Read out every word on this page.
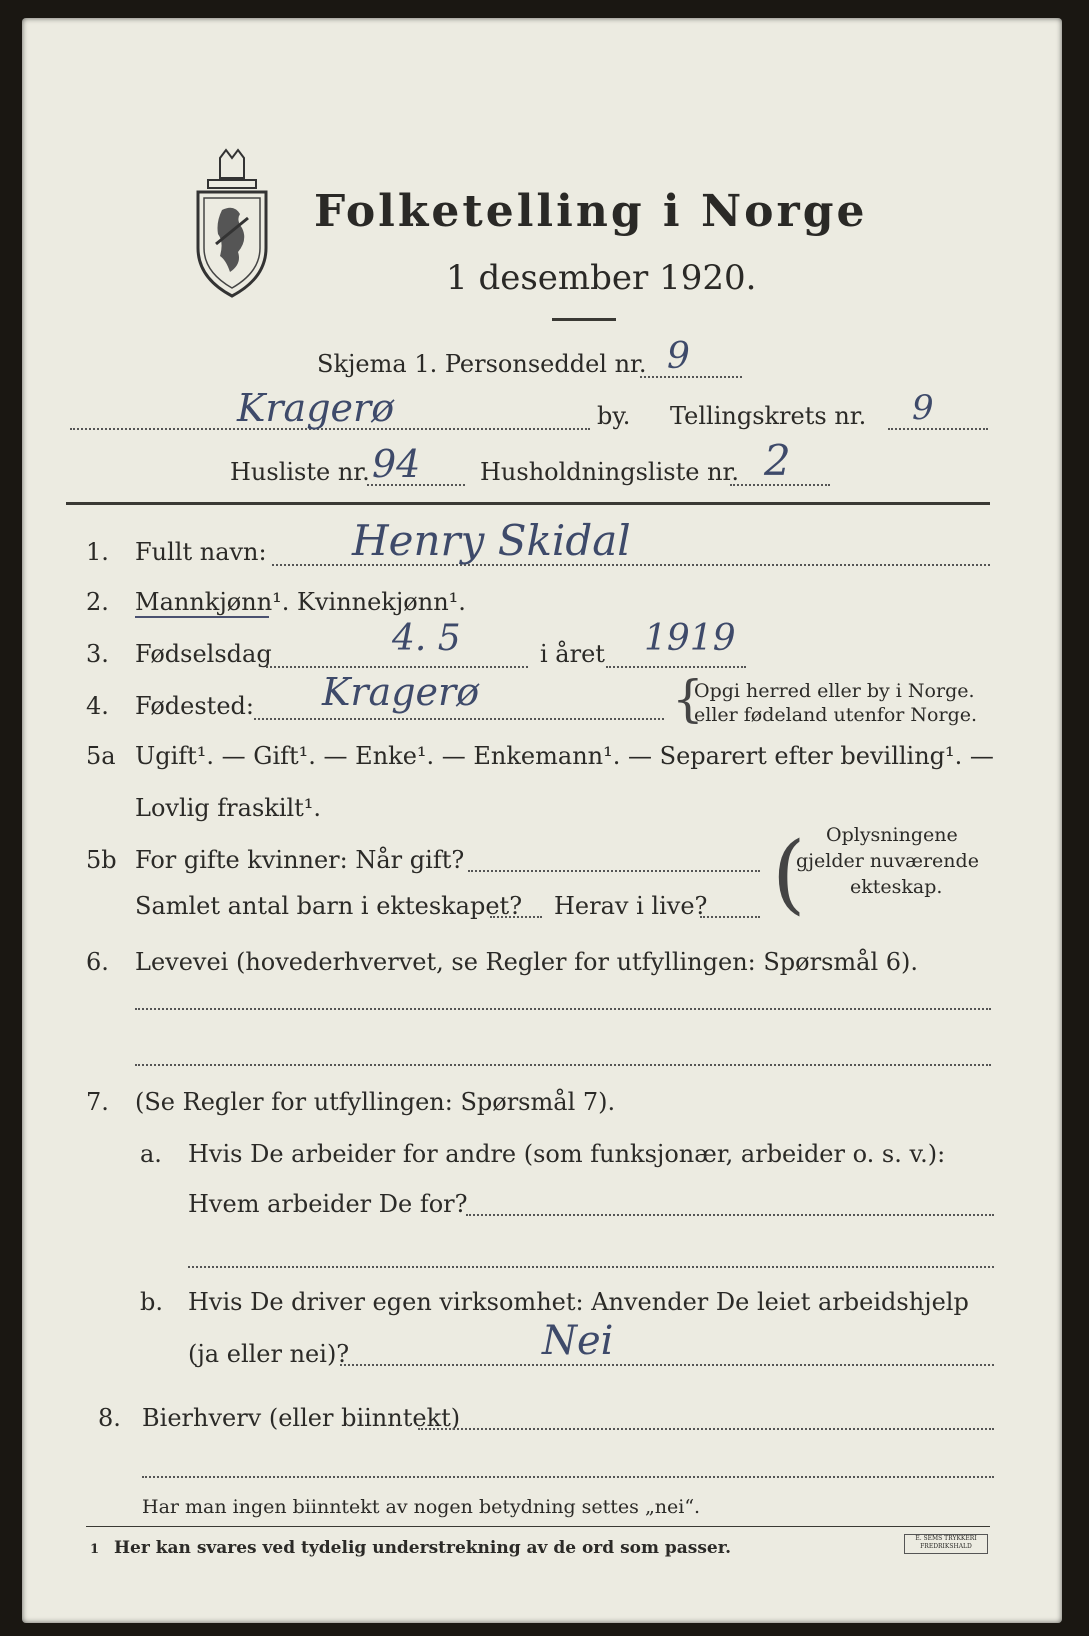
Folketelling i Norge
1 desember 1920.
Skjema 1. Personseddel nr. 9
Kragerø	by. Tellingskrets nr. 9
Husliste nr. 94 Husholdningsliste nr. 2
1. Fullt navn: Henry Skidal
2. Mannkjønn¹. Kvinnekjønn¹.
3. Fødselsdag	4. 5	i året 1919
4. Fødested: Kragerø	{
Opgi herred eller by i Norge.
eller fødeland utenfor Norge.
5a Ugift¹. — Gift¹. — Enke¹. — Enkemann¹. — Separert efter bevilling¹. —
Lovlig fraskilt¹.
5b For gifte kvinner: Når gift?
Samlet antal barn i ekteskapet? Herav i live? ( Oplysningene
gjelder nuværende
ekteskap.
6. Levevei (hovederhvervet, se Regler for utfyllingen: Spørsmål 6).
7. (Se Regler for utfyllingen: Spørsmål 7).
a. Hvis De arbeider for andre (som funksjonær, arbeider o. s. v.):
Hvem arbeider De for?
b. Hvis De driver egen virksomhet: Anvender De leiet arbeidshjelp
(ja eller nei)?	Nei
8. Bierhverv (eller biinntekt)
Har man ingen biinntekt av nogen betydning settes „nei“.
1 Her kan svares ved tydelig understrekning av de ord som passer.	E. SEMS TRYKKERI FREDRIKSHALD
